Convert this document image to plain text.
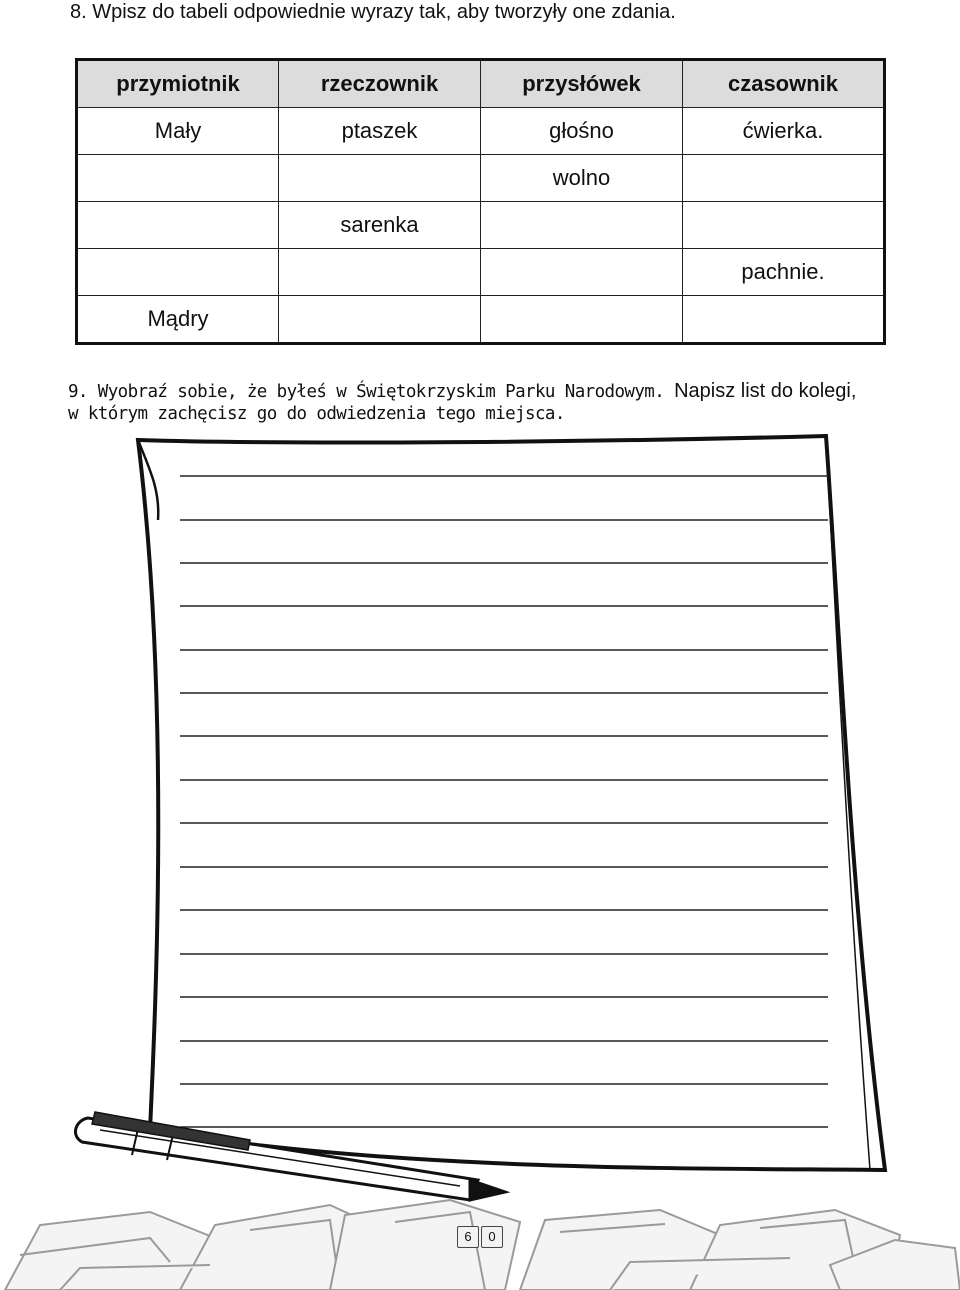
8. Wpisz do tabeli odpowiednie wyrazy tak, aby tworzyły one zdania.
przymiotnik	rzeczownik	przysłówek	czasownik
Mały	ptaszek	głośno	ćwierka.
		wolno	
	sarenka		
			pachnie.
Mądry			
9. Wyobraź sobie, że byłeś w Świętokrzyskim Parku Narodowym. Napisz list do kolegi,
w którym zachęcisz go do odwiedzenia tego miejsca.
6	0
